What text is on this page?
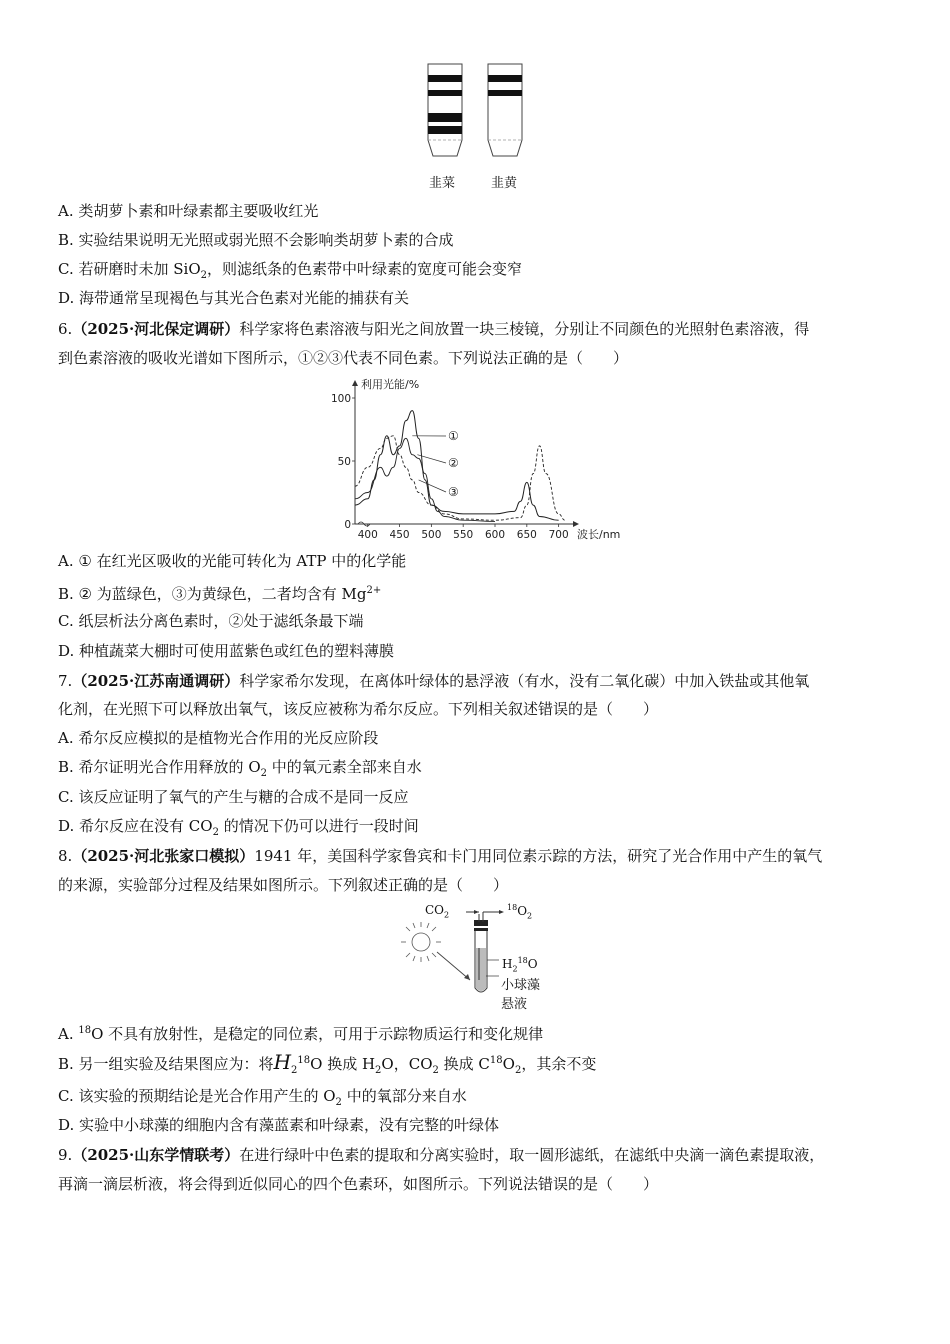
韭菜	韭黄
A. 类胡萝卜素和叶绿素都主要吸收红光
B. 实验结果说明无光照或弱光照不会影响类胡萝卜素的合成
C. 若研磨时未加 SiO$_2$，则滤纸条的色素带中叶绿素的宽度可能会变窄
D. 海带通常呈现褐色与其光合色素对光能的捕获有关
6.（2025·河北保定调研）科学家将色素溶液与阳光之间放置一块三棱镜，分别让不同颜色的光照射色素溶液，得
到色素溶液的吸收光谱如下图所示，①②③代表不同色素。下列说法正确的是（　　）
400 450 500 550 600 650 700
0
50
100
利用光能/%
波长/nm
①
②
③
A. ① 在红光区吸收的光能可转化为 ATP 中的化学能
B. ② 为蓝绿色，③为黄绿色，二者均含有 $Mg^{2+}$
C. 纸层析法分离色素时，②处于滤纸条最下端
D. 种植蔬菜大棚时可使用蓝紫色或红色的塑料薄膜
7.（2025·江苏南通调研）科学家希尔发现，在离体叶绿体的悬浮液（有水，没有二氧化碳）中加入铁盐或其他氧
化剂，在光照下可以释放出氧气，该反应被称为希尔反应。下列相关叙述错误的是（　　）
A. 希尔反应模拟的是植物光合作用的光反应阶段
B. 希尔证明光合作用释放的 $O_2$ 中的氧元素全部来自水
C. 该反应证明了氧气的产生与糖的合成不是同一反应
D. 希尔反应在没有 $CO_2$ 的情况下仍可以进行一段时间
8.（2025·河北张家口模拟）1941 年，美国科学家鲁宾和卡门用同位素示踪的方法，研究了光合作用中产生的氧气
的来源，实验部分过程及结果如图所示。下列叙述正确的是（　　）
$CO_2$
$^{18}O_2$
$H_2^{18}O$
小球藻
悬液
A. $^{18}$O 不具有放射性，是稳定的同位素，可用于示踪物质运行和变化规律
B. 另一组实验及结果图应为：将$H_2^{18}O$ 换成 $H_2O$，$CO_2$ 换成 $C^{18}O_2$，其余不变
C. 该实验的预期结论是光合作用产生的 $O_2$ 中的氧部分来自水
D. 实验中小球藻的细胞内含有藻蓝素和叶绿素，没有完整的叶绿体
9.（2025·山东学情联考）在进行绿叶中色素的提取和分离实验时，取一圆形滤纸，在滤纸中央滴一滴色素提取液，
再滴一滴层析液，将会得到近似同心的四个色素环，如图所示。下列说法错误的是（　　）
